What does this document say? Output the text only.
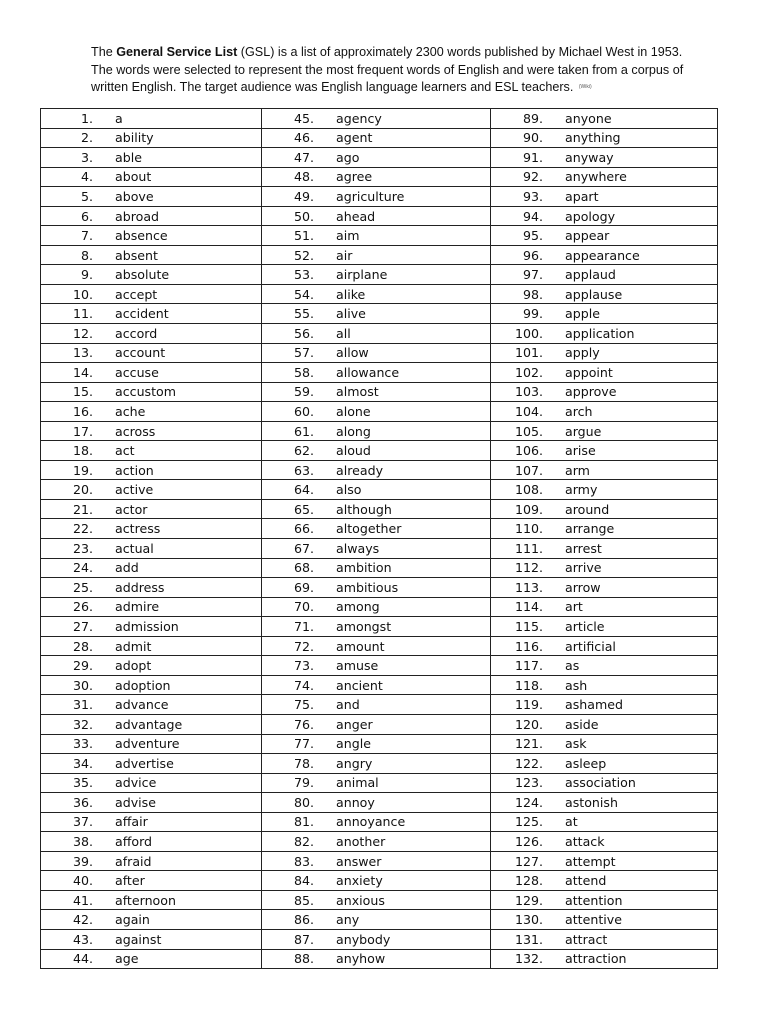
The General Service List (GSL) is a list of approximately 2300 words published by Michael West in 1953. The words were selected to represent the most frequent words of English and were taken from a corpus of written English. The target audience was English language learners and ESL teachers. (Wiki)
1. a	45. agency	89. anyone

2. ability	46. agent	90. anything

3. able	47. ago	91. anyway

4. about	48. agree	92. anywhere

5. above	49. agriculture	93. apart

6. abroad	50. ahead	94. apology

7. absence	51. aim	95. appear

8. absent	52. air	96. appearance

9. absolute	53. airplane	97. applaud

10. accept	54. alike	98. applause

11. accident	55. alive	99. apple

12. accord	56. all	100. application

13. account	57. allow	101. apply

14. accuse	58. allowance	102. appoint

15. accustom	59. almost	103. approve

16. ache	60. alone	104. arch

17. across	61. along	105. argue

18. act	62. aloud	106. arise

19. action	63. already	107. arm

20. active	64. also	108. army

21. actor	65. although	109. around

22. actress	66. altogether	110. arrange

23. actual	67. always	111. arrest

24. add	68. ambition	112. arrive

25. address	69. ambitious	113. arrow

26. admire	70. among	114. art

27. admission	71. amongst	115. article

28. admit	72. amount	116. artificial

29. adopt	73. amuse	117. as

30. adoption	74. ancient	118. ash

31. advance	75. and	119. ashamed

32. advantage	76. anger	120. aside

33. adventure	77. angle	121. ask

34. advertise	78. angry	122. asleep

35. advice	79. animal	123. association

36. advise	80. annoy	124. astonish

37. affair	81. annoyance	125. at

38. afford	82. another	126. attack

39. afraid	83. answer	127. attempt

40. after	84. anxiety	128. attend

41. afternoon	85. anxious	129. attention

42. again	86. any	130. attentive

43. against	87. anybody	131. attract

44. age	88. anyhow	132. attraction
